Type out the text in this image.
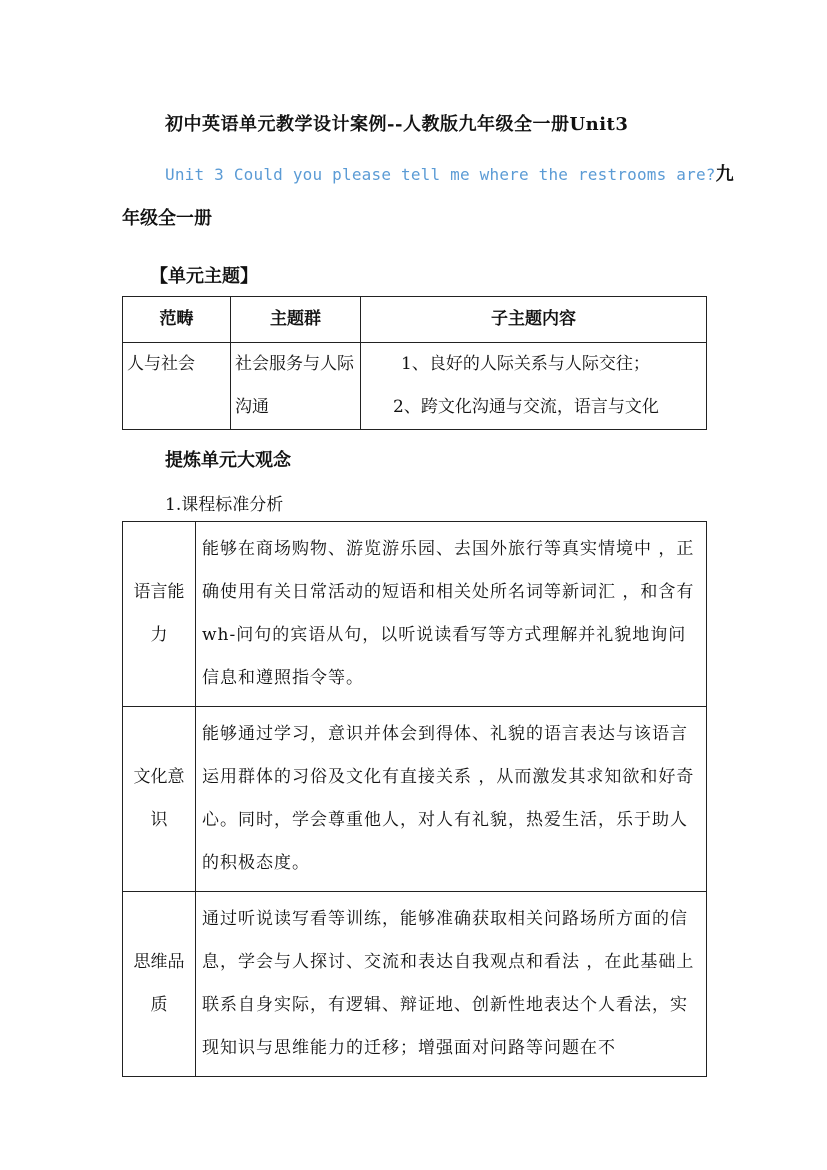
初中英语单元教学设计案例--人教版九年级全一册Unit3
Unit 3 Could you please tell me where the restrooms are?九
年级全一册
【单元主题】
范畴	主题群	子主题内容
人与社会	社会服务与人际沟通	1、良好的人际关系与人际交往；
2、跨文化沟通与交流，语言与文化
提炼单元大观念
1.课程标准分析
语言能力	能够在商场购物、游览游乐园、去国外旅行等真实情境中 ，正确使用有关日常活动的短语和相关处所名词等新词汇 ，和含有 wh-问句的宾语从句，以听说读看写等方式理解并礼貌地询问信息和遵照指令等。
文化意识	能够通过学习，意识并体会到得体、礼貌的语言表达与该语言运用群体的习俗及文化有直接关系 ，从而激发其求知欲和好奇心。同时，学会尊重他人，对人有礼貌，热爱生活，乐于助人的积极态度。
思维品质	通过听说读写看等训练，能够准确获取相关问路场所方面的信息，学会与人探讨、交流和表达自我观点和看法 ，在此基础上联系自身实际，有逻辑、辩证地、创新性地表达个人看法，实现知识与思维能力的迁移；增强面对问路等问题在不
